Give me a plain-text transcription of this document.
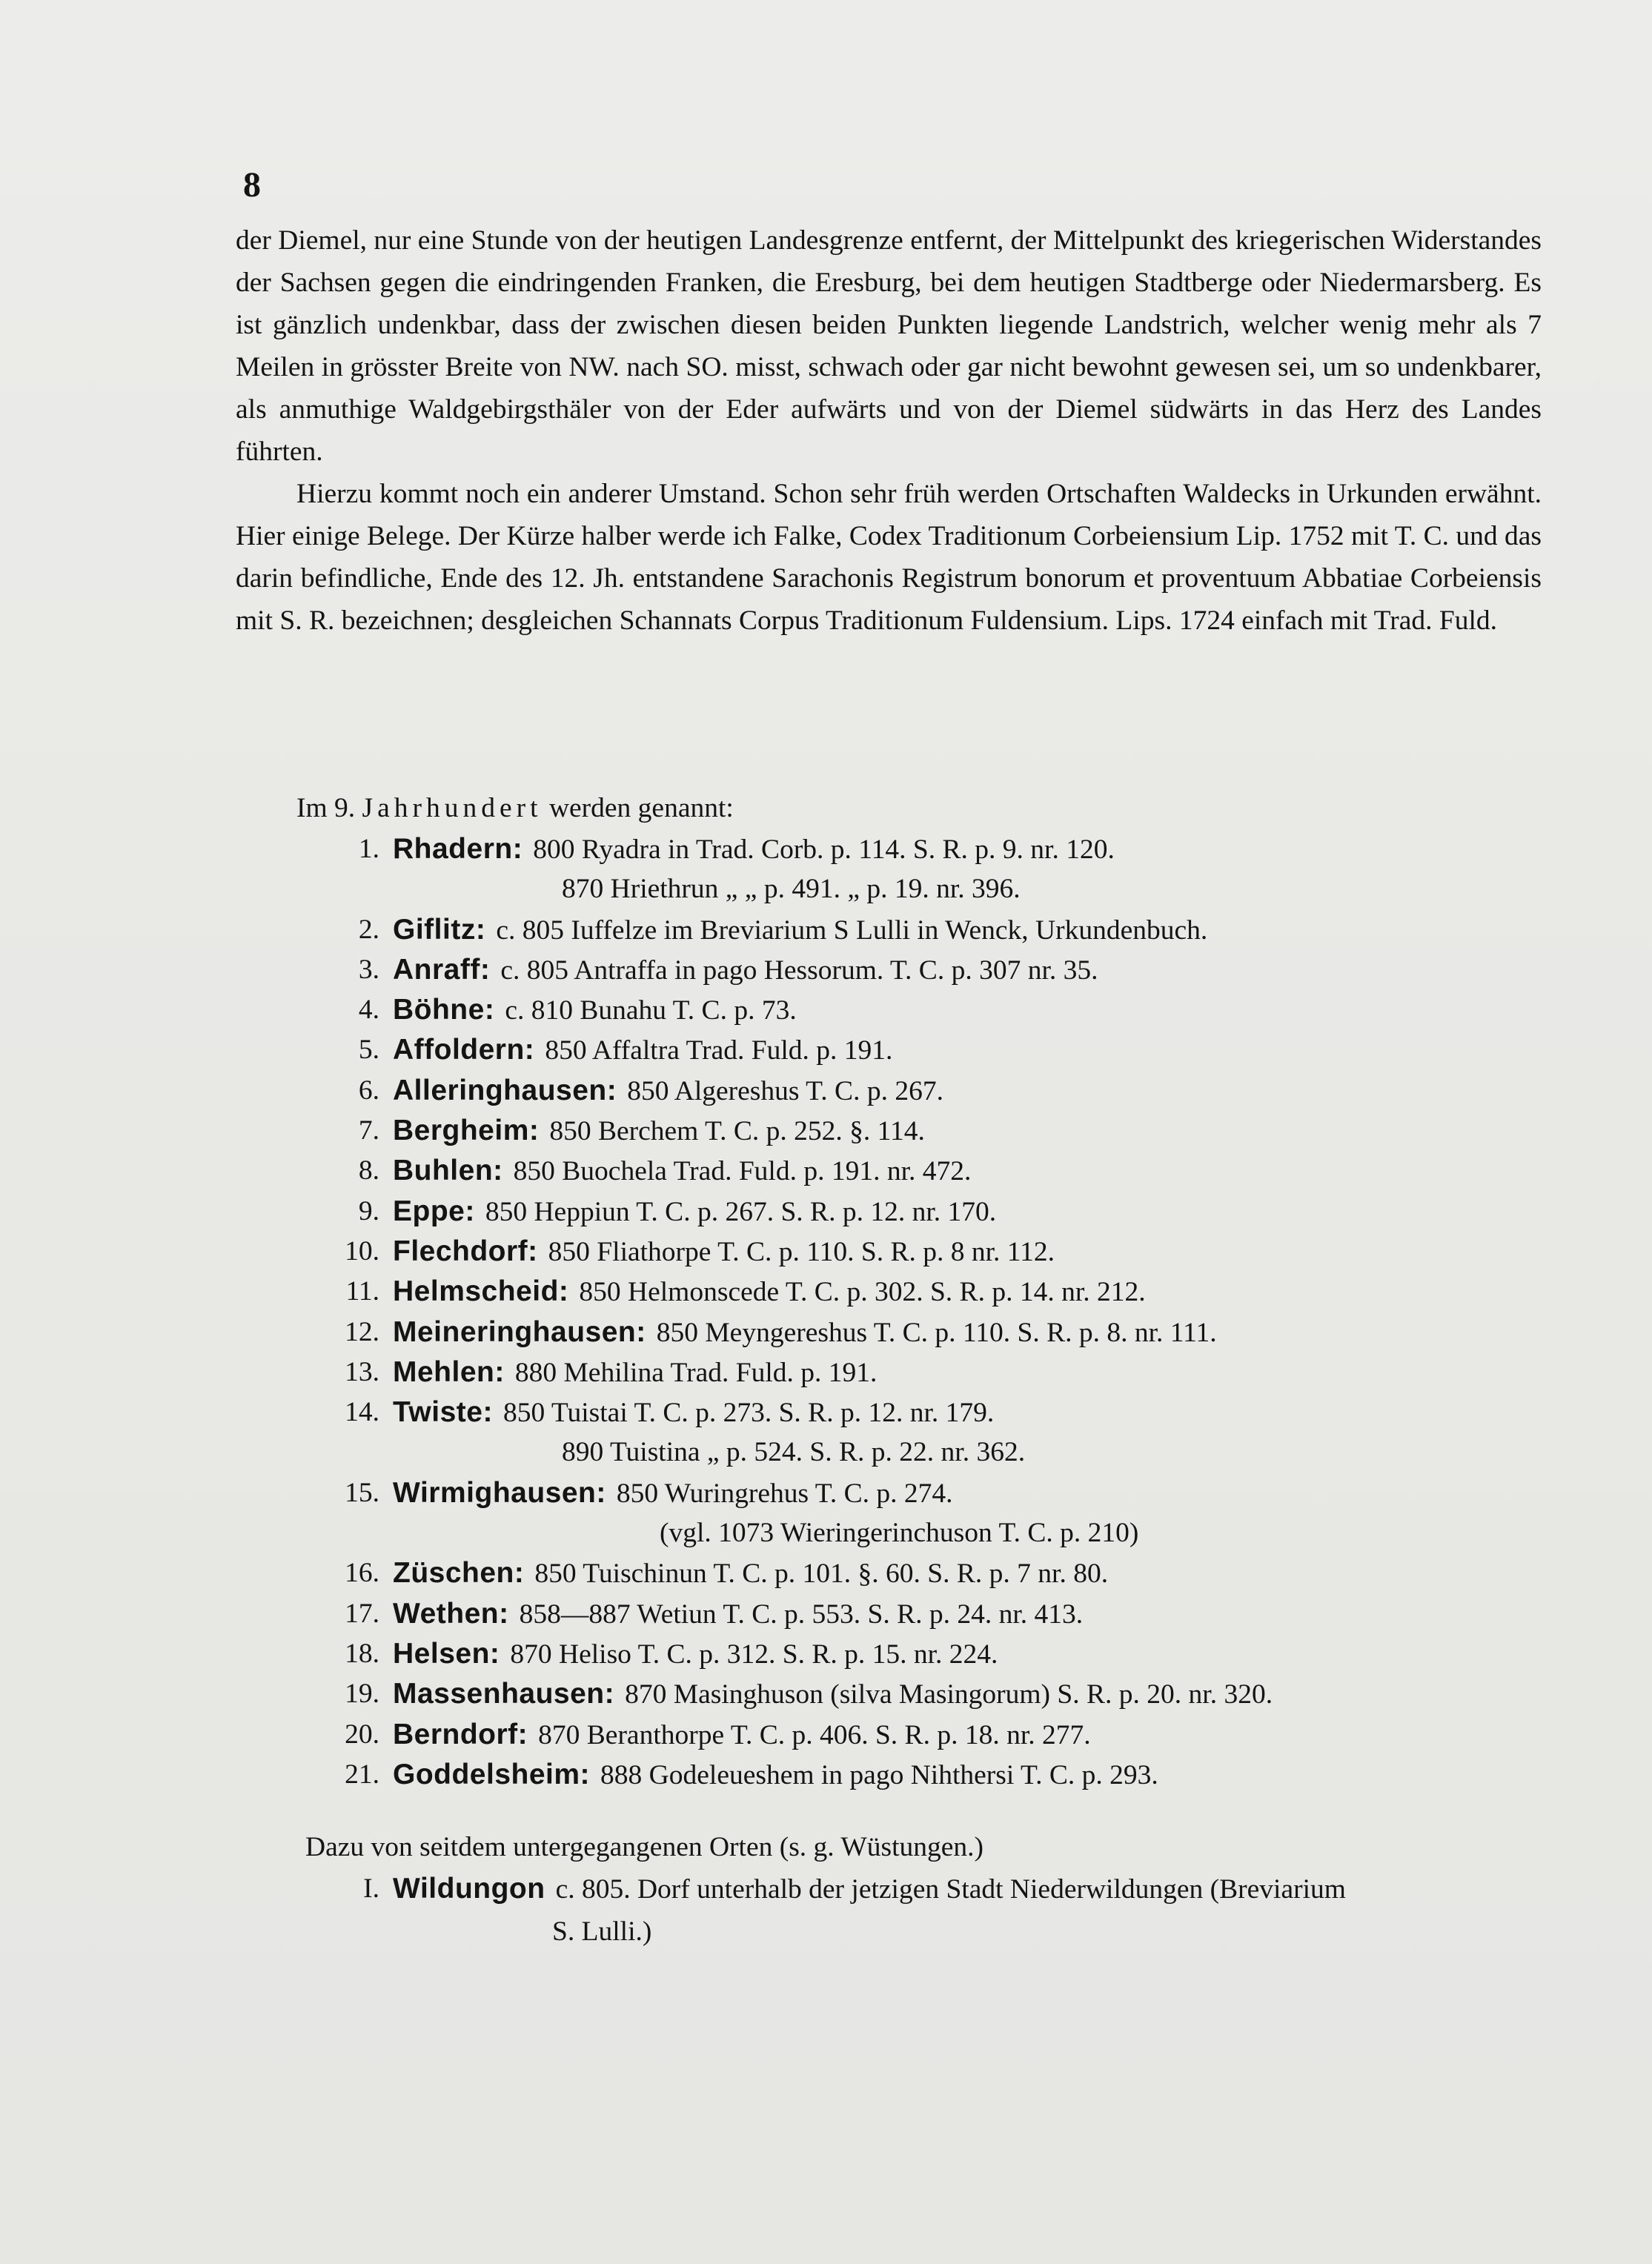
8

der Diemel, nur eine Stunde von der heutigen Landesgrenze entfernt, der Mittelpunkt des kriegerischen Widerstandes der Sachsen gegen die eindringenden Franken, die Eresburg, bei dem heutigen Stadtberge oder Niedermarsberg. Es ist gänzlich undenkbar, dass der zwischen diesen beiden Punkten liegende Landstrich, welcher wenig mehr als 7 Meilen in grösster Breite von NW. nach SO. misst, schwach oder gar nicht bewohnt gewesen sei, um so undenkbarer, als anmuthige Waldgebirgsthäler von der Eder aufwärts und von der Diemel südwärts in das Herz des Landes führten.

Hierzu kommt noch ein anderer Umstand. Schon sehr früh werden Ortschaften Waldecks in Urkunden erwähnt. Hier einige Belege. Der Kürze halber werde ich Falke, Codex Traditionum Corbeiensium Lip. 1752 mit T. C. und das darin befindliche, Ende des 12. Jh. entstandene Sarachonis Registrum bonorum et proventuum Abbatiae Corbeiensis mit S. R. bezeichnen; desgleichen Schannats Corpus Traditionum Fuldensium. Lips. 1724 einfach mit Trad. Fuld.

Im 9. Jahrhundert werden genannt:
1. Rhadern: 800 Ryadra in Trad. Corb. p. 114. S. R. p. 9. nr. 120.
870 Hriethrun „ „ p. 491. „ p. 19. nr. 396.
2. Giflitz: c. 805 Iuffelze im Breviarium S Lulli in Wenck, Urkundenbuch.
3. Anraff: c. 805 Antraffa in pago Hessorum. T. C. p. 307 nr. 35.
4. Böhne: c. 810 Bunahu T. C. p. 73.
5. Affoldern: 850 Affaltra Trad. Fuld. p. 191.
6. Alleringhausen: 850 Algereshus T. C. p. 267.
7. Bergheim: 850 Berchem T. C. p. 252. §. 114.
8. Buhlen: 850 Buochela Trad. Fuld. p. 191. nr. 472.
9. Eppe: 850 Heppiun T. C. p. 267. S. R. p. 12. nr. 170.
10. Flechdorf: 850 Fliathorpe T. C. p. 110. S. R. p. 8 nr. 112.
11. Helmscheid: 850 Helmonscede T. C. p. 302. S. R. p. 14. nr. 212.
12. Meineringhausen: 850 Meyngereshus T. C. p. 110. S. R. p. 8. nr. 111.
13. Mehlen: 880 Mehilina Trad. Fuld. p. 191.
14. Twiste: 850 Tuistai T. C. p. 273. S. R. p. 12. nr. 179.
890 Tuistina „ p. 524. S. R. p. 22. nr. 362.
15. Wirmighausen: 850 Wuringrehus T. C. p. 274.
(vgl. 1073 Wieringerinchuson T. C. p. 210)
16. Züschen: 850 Tuischinun T. C. p. 101. §. 60. S. R. p. 7 nr. 80.
17. Wethen: 858—887 Wetiun T. C. p. 553. S. R. p. 24. nr. 413.
18. Helsen: 870 Heliso T. C. p. 312. S. R. p. 15. nr. 224.
19. Massenhausen: 870 Masinghuson (silva Masingorum) S. R. p. 20. nr. 320.
20. Berndorf: 870 Beranthorpe T. C. p. 406. S. R. p. 18. nr. 277.
21. Goddelsheim: 888 Godeleueshem in pago Nihthersi T. C. p. 293.
Dazu von seitdem untergegangenen Orten (s. g. Wüstungen.)
I. Wildungon c. 805. Dorf unterhalb der jetzigen Stadt Niederwildungen (Breviarium
S. Lulli.)
